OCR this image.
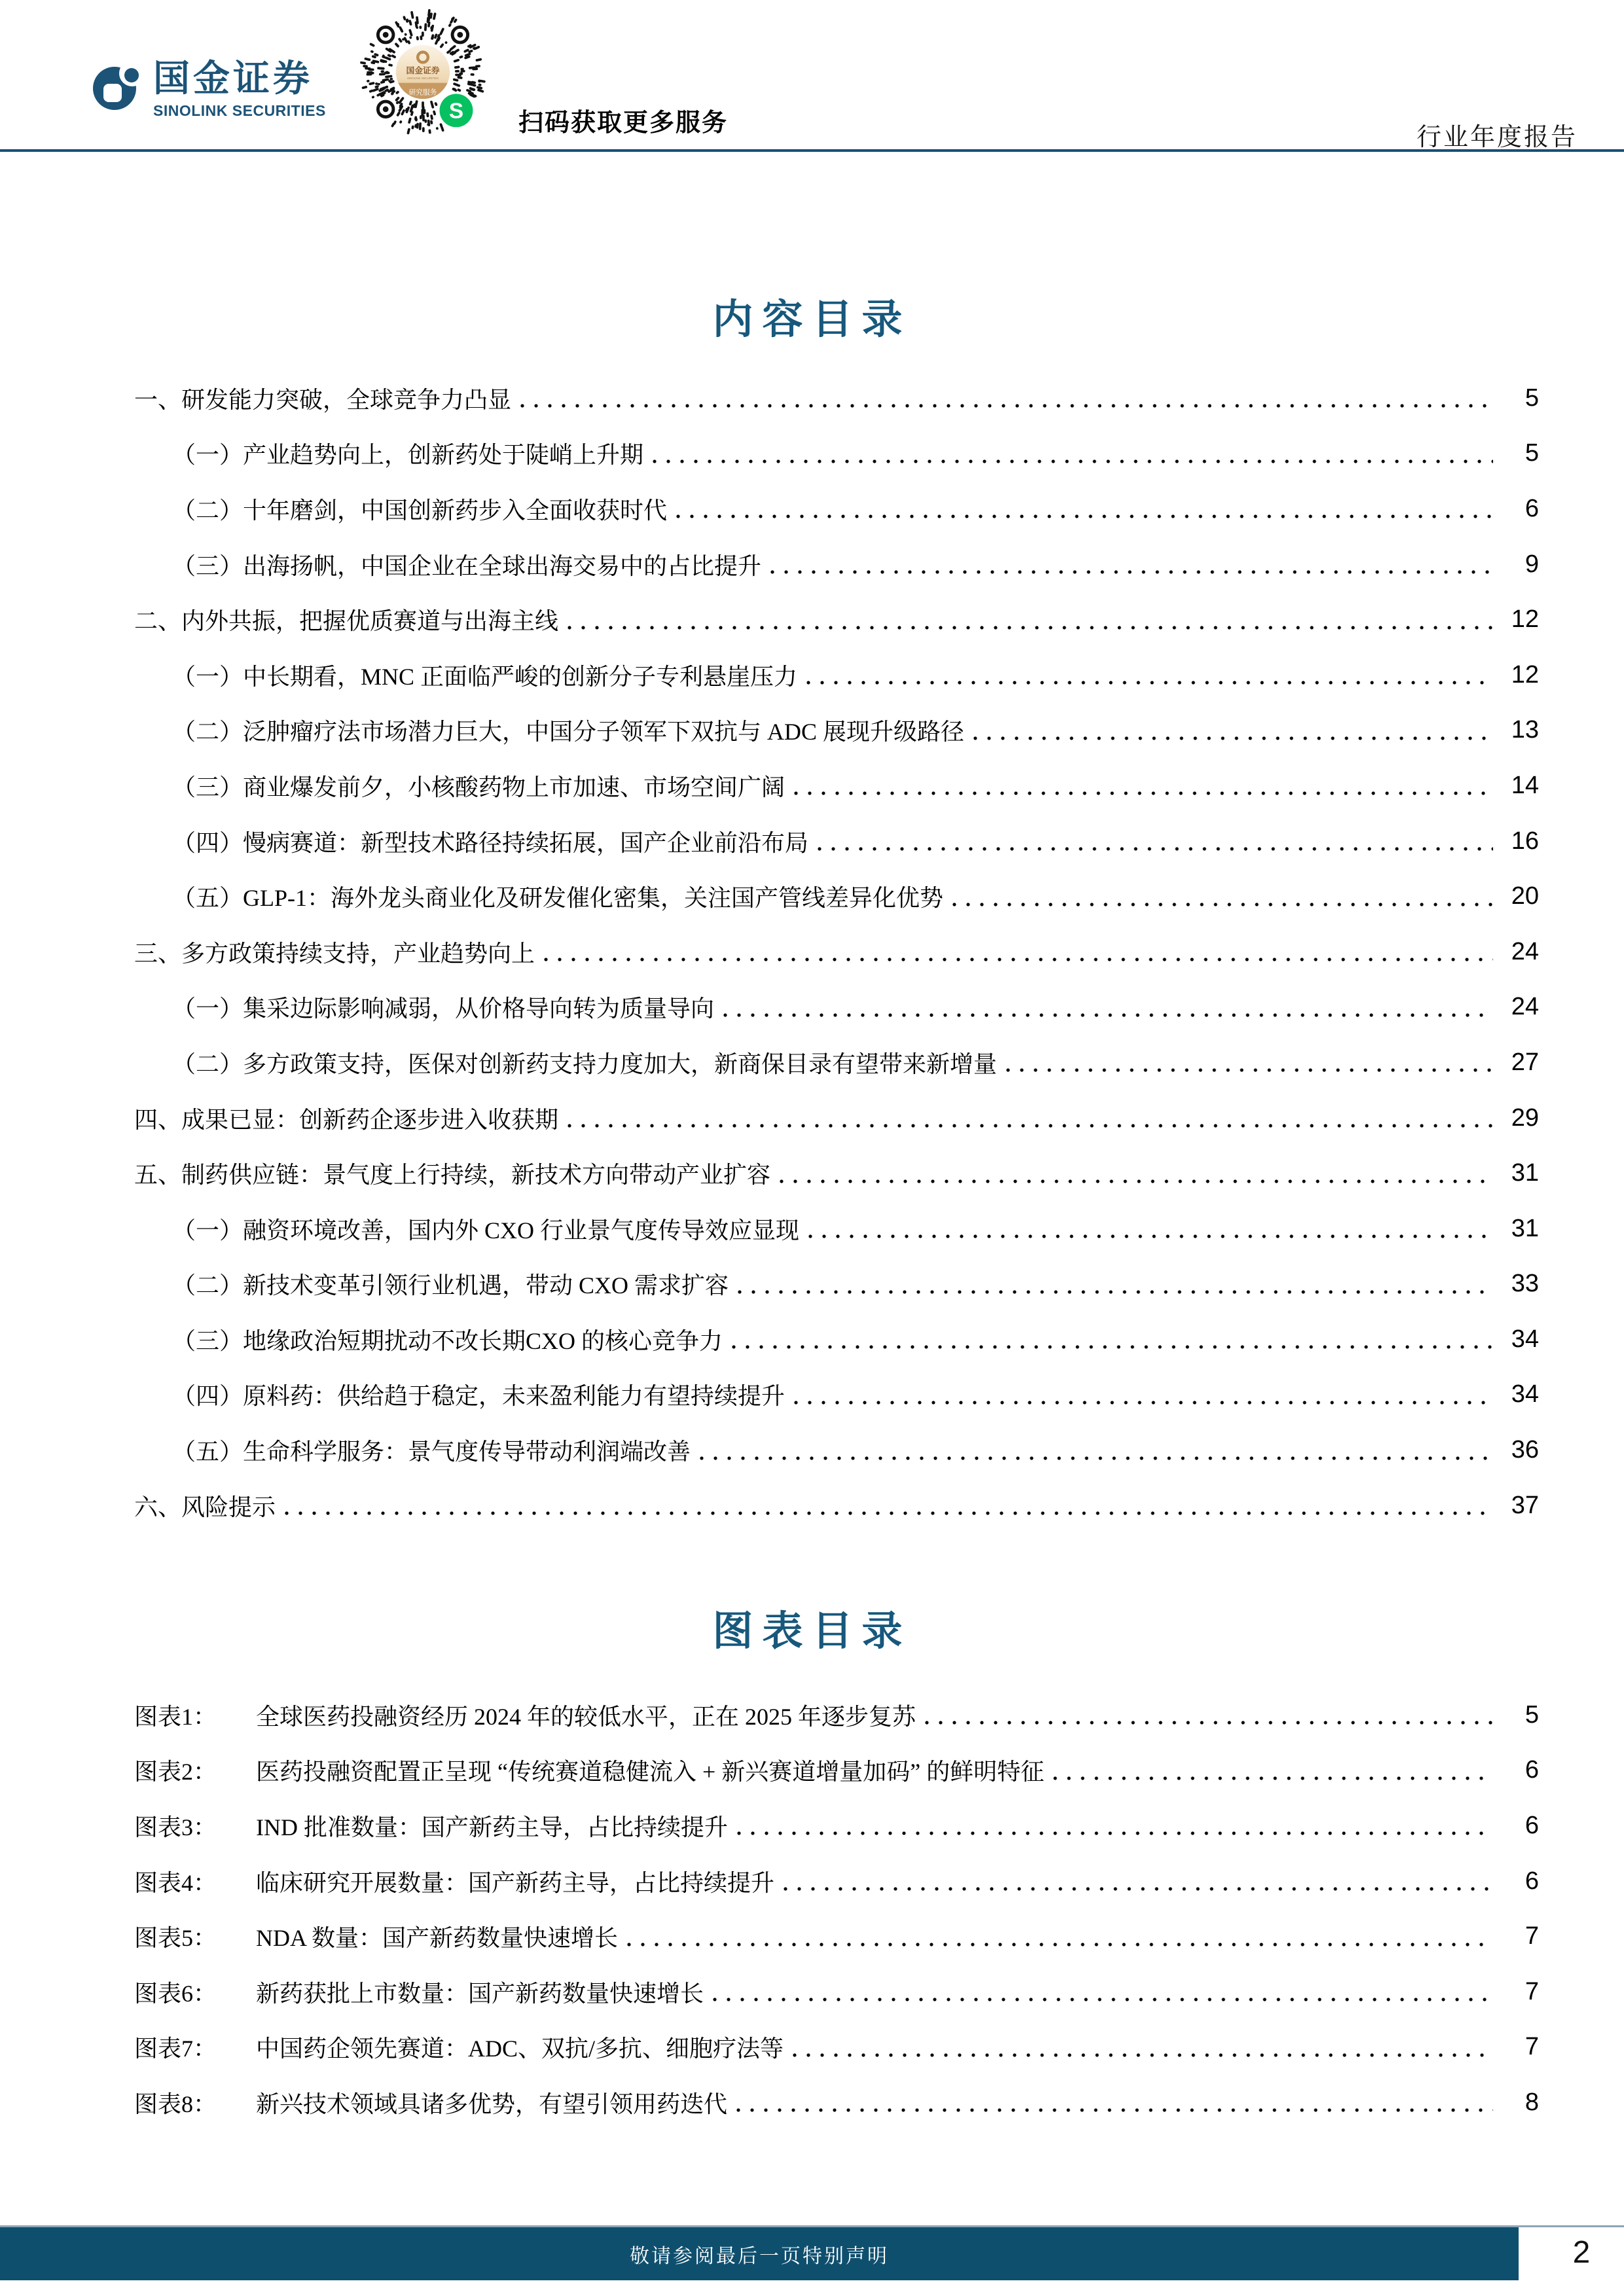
国金证券
SINOLINK SECURITIES
国金证券
SINOLINK SECURITIES
研究服务
S 扫码获取更多服务
行业年度报告
内容目录
一、研发能力突破，全球竞争力凸显	5
（一）产业趋势向上，创新药处于陡峭上升期	5
（二）十年磨剑，中国创新药步入全面收获时代	6
（三）出海扬帆，中国企业在全球出海交易中的占比提升	9
二、内外共振，把握优质赛道与出海主线	12
（一）中长期看，MNC 正面临严峻的创新分子专利悬崖压力	12
（二）泛肿瘤疗法市场潜力巨大，中国分子领军下双抗与 ADC 展现升级路径	13
（三）商业爆发前夕，小核酸药物上市加速、市场空间广阔	14
（四）慢病赛道：新型技术路径持续拓展，国产企业前沿布局	16
（五）GLP-1：海外龙头商业化及研发催化密集，关注国产管线差异化优势	20
三、多方政策持续支持，产业趋势向上	24
（一）集采边际影响减弱，从价格导向转为质量导向	24
（二）多方政策支持，医保对创新药支持力度加大，新商保目录有望带来新增量	27
四、成果已显：创新药企逐步进入收获期	29
五、制药供应链：景气度上行持续，新技术方向带动产业扩容	31
（一）融资环境改善，国内外 CXO 行业景气度传导效应显现	31
（二）新技术变革引领行业机遇，带动 CXO 需求扩容	33
（三）地缘政治短期扰动不改长期CXO 的核心竞争力	34
（四）原料药：供给趋于稳定，未来盈利能力有望持续提升	34
（五）生命科学服务：景气度传导带动利润端改善	36
六、风险提示	37
图表目录
图表1：	全球医药投融资经历 2024 年的较低水平，正在 2025 年逐步复苏	5
图表2：	医药投融资配置正呈现 “传统赛道稳健流入 + 新兴赛道增量加码” 的鲜明特征	6
图表3：	IND 批准数量：国产新药主导，占比持续提升	6
图表4：	临床研究开展数量：国产新药主导，占比持续提升	6
图表5：	NDA 数量：国产新药数量快速增长	7
图表6：	新药获批上市数量：国产新药数量快速增长	7
图表7：	中国药企领先赛道：ADC、双抗/多抗、细胞疗法等	7
图表8：	新兴技术领域具诸多优势，有望引领用药迭代	8
敬请参阅最后一页特别声明	2
